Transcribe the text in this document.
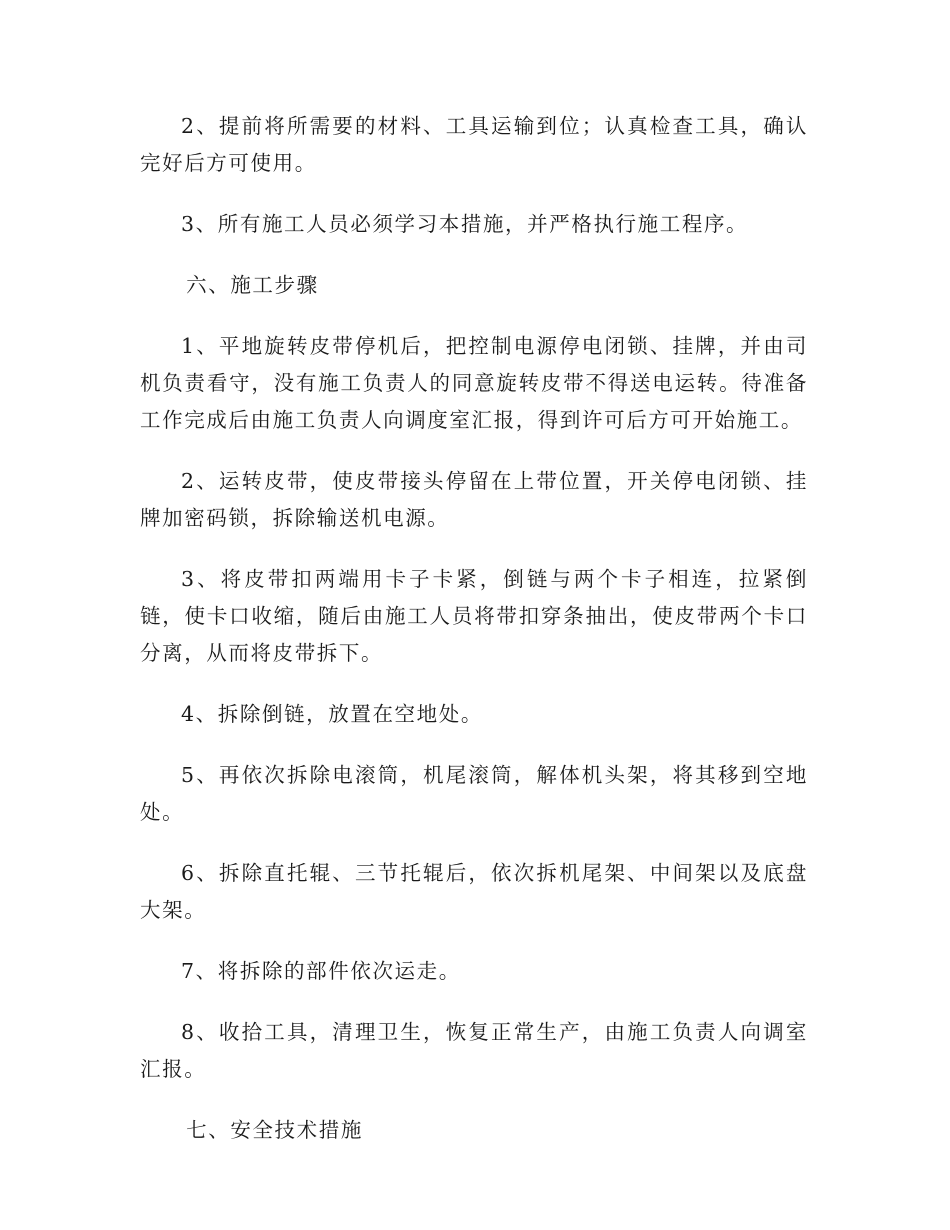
2、提前将所需要的材料、工具运输到位；认真检查工具，确认完好后方可使用。

3、所有施工人员必须学习本措施，并严格执行施工程序。

六、施工步骤

1、平地旋转皮带停机后，把控制电源停电闭锁、挂牌，并由司机负责看守，没有施工负责人的同意旋转皮带不得送电运转。待准备工作完成后由施工负责人向调度室汇报，得到许可后方可开始施工。

2、运转皮带，使皮带接头停留在上带位置，开关停电闭锁、挂牌加密码锁，拆除输送机电源。

3、将皮带扣两端用卡子卡紧，倒链与两个卡子相连，拉紧倒链，使卡口收缩，随后由施工人员将带扣穿条抽出，使皮带两个卡口分离，从而将皮带拆下。

4、拆除倒链，放置在空地处。

5、再依次拆除电滚筒，机尾滚筒，解体机头架，将其移到空地处。

6、拆除直托辊、三节托辊后，依次拆机尾架、中间架以及底盘大架。

7、将拆除的部件依次运走。

8、收拾工具，清理卫生，恢复正常生产，由施工负责人向调室汇报。

七、安全技术措施
